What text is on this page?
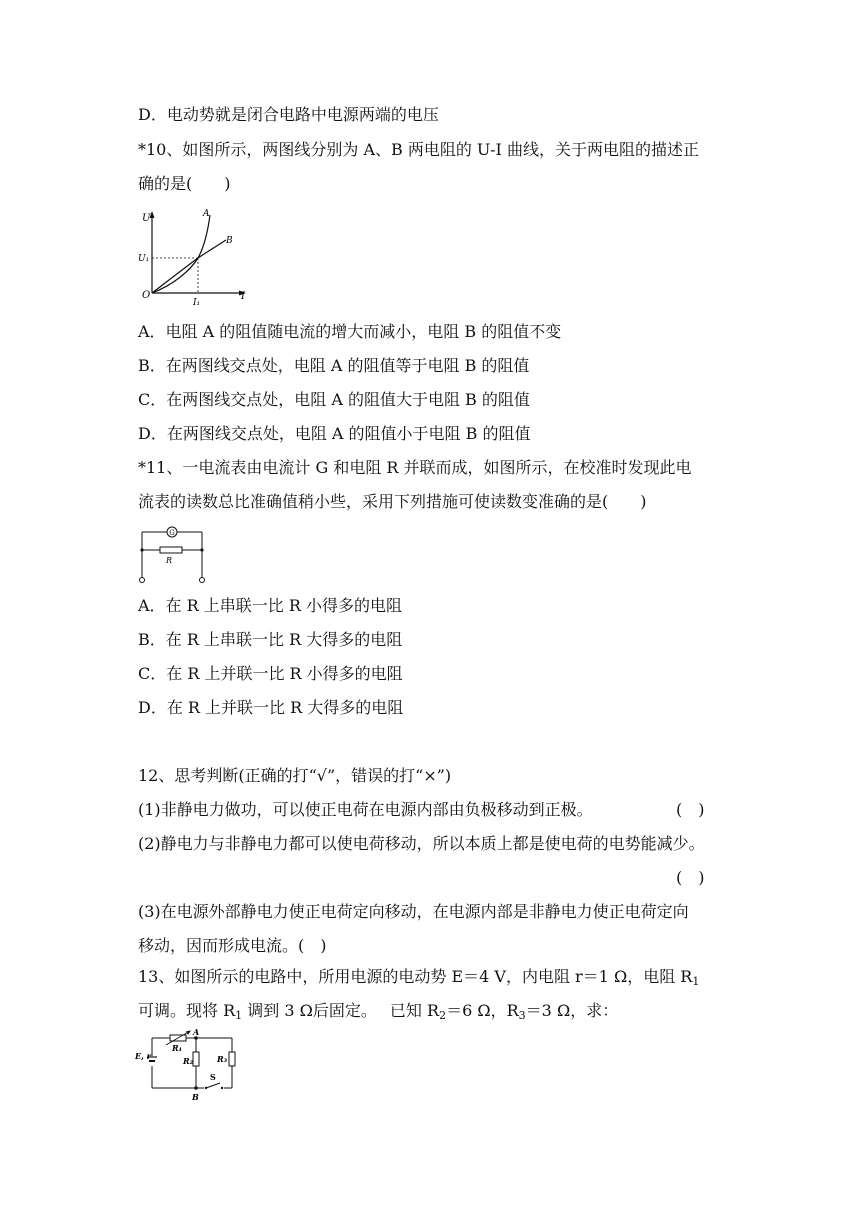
D．电动势就是闭合电路中电源两端的电压
*10、如图所示，两图线分别为 A、B 两电阻的 U-I 曲线，关于两电阻的描述正
确的是(　　)
U	A
B
U₁
O
I₁
I
A．电阻 A 的阻值随电流的增大而减小，电阻 B 的阻值不变
B．在两图线交点处，电阻 A 的阻值等于电阻 B 的阻值
C．在两图线交点处，电阻 A 的阻值大于电阻 B 的阻值
D．在两图线交点处，电阻 A 的阻值小于电阻 B 的阻值
*11、一电流表由电流计 G 和电阻 R 并联而成，如图所示，在校准时发现此电
流表的读数总比准确值稍小些，采用下列措施可使读数变准确的是(　　)
G
R
A．在 R 上串联一比 R 小得多的电阻
B．在 R 上串联一比 R 大得多的电阻
C．在 R 上并联一比 R 小得多的电阻
D．在 R 上并联一比 R 大得多的电阻
12、思考判断(正确的打“√”，错误的打“×”)
(1)非静电力做功，可以使正电荷在电源内部由负极移动到正极。	(　)
(2)静电力与非静电力都可以使电荷移动，所以本质上都是使电荷的电势能减少。
(　)
(3)在电源外部静电力使正电荷定向移动，在电源内部是非静电力使正电荷定向
移动，因而形成电流。(　)
13、如图所示的电路中，所用电源的电动势 E＝4 V，内电阻 r＝1 Ω，电阻 $R_1$
可调。现将 $R_1$ 调到 3 Ω后固定。　 已知 $R_2=6$ Ω，$R_3=3$ Ω，求：
E, r
R₁
A
R₂	R₃
S
B
